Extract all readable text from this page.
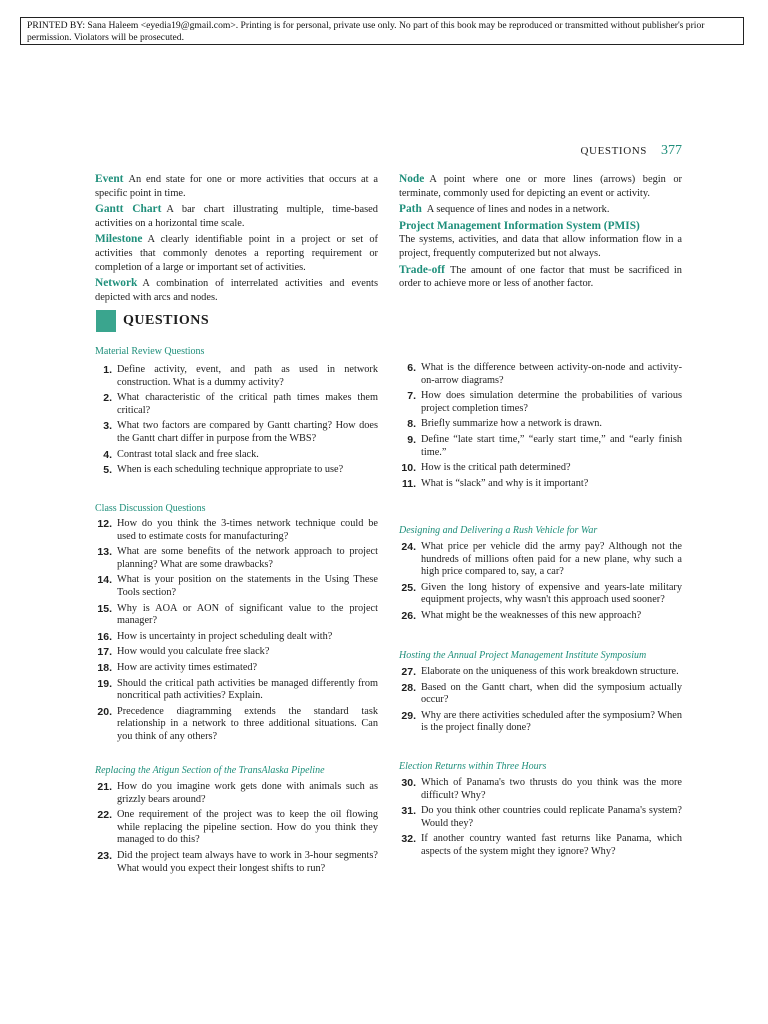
PRINTED BY: Sana Haleem <eyedia19@gmail.com>. Printing is for personal, private use only. No part of this book may be reproduced or transmitted without publisher's prior permission. Violators will be prosecuted.
QUESTIONS 377

Event An end state for one or more activities that occurs at a specific point in time.

Gantt Chart A bar chart illustrating multiple, time-based activities on a horizontal time scale.

Milestone A clearly identifiable point in a project or set of activities that commonly denotes a reporting requirement or completion of a large or important set of activities.

Network A combination of interrelated activities and events depicted with arcs and nodes.

Node A point where one or more lines (arrows) begin or terminate, commonly used for depicting an event or activity.

Path A sequence of lines and nodes in a network.

Project Management Information System (PMIS)
The systems, activities, and data that allow information flow in a project, frequently computerized but not always.

Trade-off The amount of one factor that must be sacrificed in order to achieve more or less of another factor.

QUESTIONS

Material Review Questions

1. Define activity, event, and path as used in network construction. What is a dummy activity?
2. What characteristic of the critical path times makes them critical?
3. What two factors are compared by Gantt charting? How does the Gantt chart differ in purpose from the WBS?
4. Contrast total slack and free slack.
5. When is each scheduling technique appropriate to use?

Class Discussion Questions

12. How do you think the 3-times network technique could be used to estimate costs for manufacturing?
13. What are some benefits of the network approach to project planning? What are some drawbacks?
14. What is your position on the statements in the Using These Tools section?
15. Why is AOA or AON of significant value to the project manager?
16. How is uncertainty in project scheduling dealt with?
17. How would you calculate free slack?
18. How are activity times estimated?
19. Should the critical path activities be managed differently from noncritical path activities? Explain.
20. Precedence diagramming extends the standard task relationship in a network to three additional situations. Can you think of any others?

Replacing the Atigun Section of the TransAlaska Pipeline

21. How do you imagine work gets done with animals such as grizzly bears around?
22. One requirement of the project was to keep the oil flowing while replacing the pipeline section. How do you think they managed to do this?
23. Did the project team always have to work in 3-hour segments? What would you expect their longest shifts to run?
6. What is the difference between activity-on-node and activity-on-arrow diagrams?
7. How does simulation determine the probabilities of various project completion times?
8. Briefly summarize how a network is drawn.
9. Define “late start time,” “early start time,” and “early finish time.”
10. How is the critical path determined?
11. What is “slack” and why is it important?

Designing and Delivering a Rush Vehicle for War

24. What price per vehicle did the army pay? Although not the hundreds of millions often paid for a new plane, why such a high price compared to, say, a car?
25. Given the long history of expensive and years-late military equipment projects, why wasn't this approach used sooner?
26. What might be the weaknesses of this new approach?

Hosting the Annual Project Management Institute Symposium

27. Elaborate on the uniqueness of this work breakdown structure.
28. Based on the Gantt chart, when did the symposium actually occur?
29. Why are there activities scheduled after the symposium? When is the project finally done?

Election Returns within Three Hours

30. Which of Panama's two thrusts do you think was the more difficult? Why?
31. Do you think other countries could replicate Panama's system? Would they?
32. If another country wanted fast returns like Panama, which aspects of the system might they ignore? Why?
